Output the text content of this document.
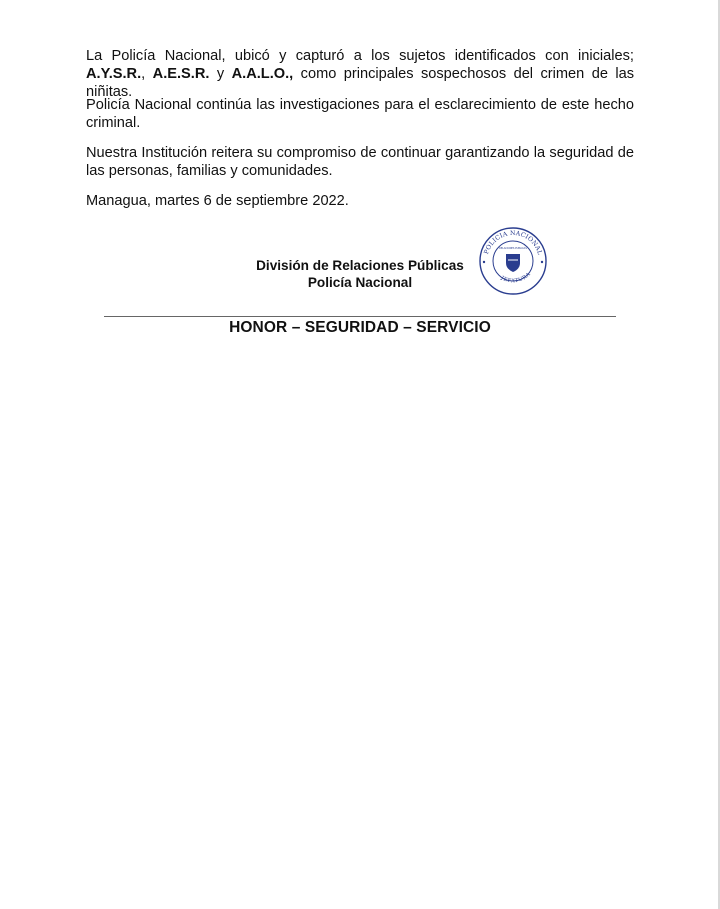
La Policía Nacional, ubicó y capturó a los sujetos identificados con iniciales; A.Y.S.R., A.E.S.R. y A.A.L.O., como principales sospechosos del crimen de las niñitas.

Policía Nacional continúa las investigaciones para el esclarecimiento de este hecho criminal.

Nuestra Institución reitera su compromiso de continuar garantizando la seguridad de las personas, familias y comunidades.

Managua, martes 6 de septiembre 2022.

División de Relaciones Públicas
Policía Nacional
POLICIA NACIONAL
JEFATURA
RELACIONES PUBLICAS
HONOR – SEGURIDAD – SERVICIO
